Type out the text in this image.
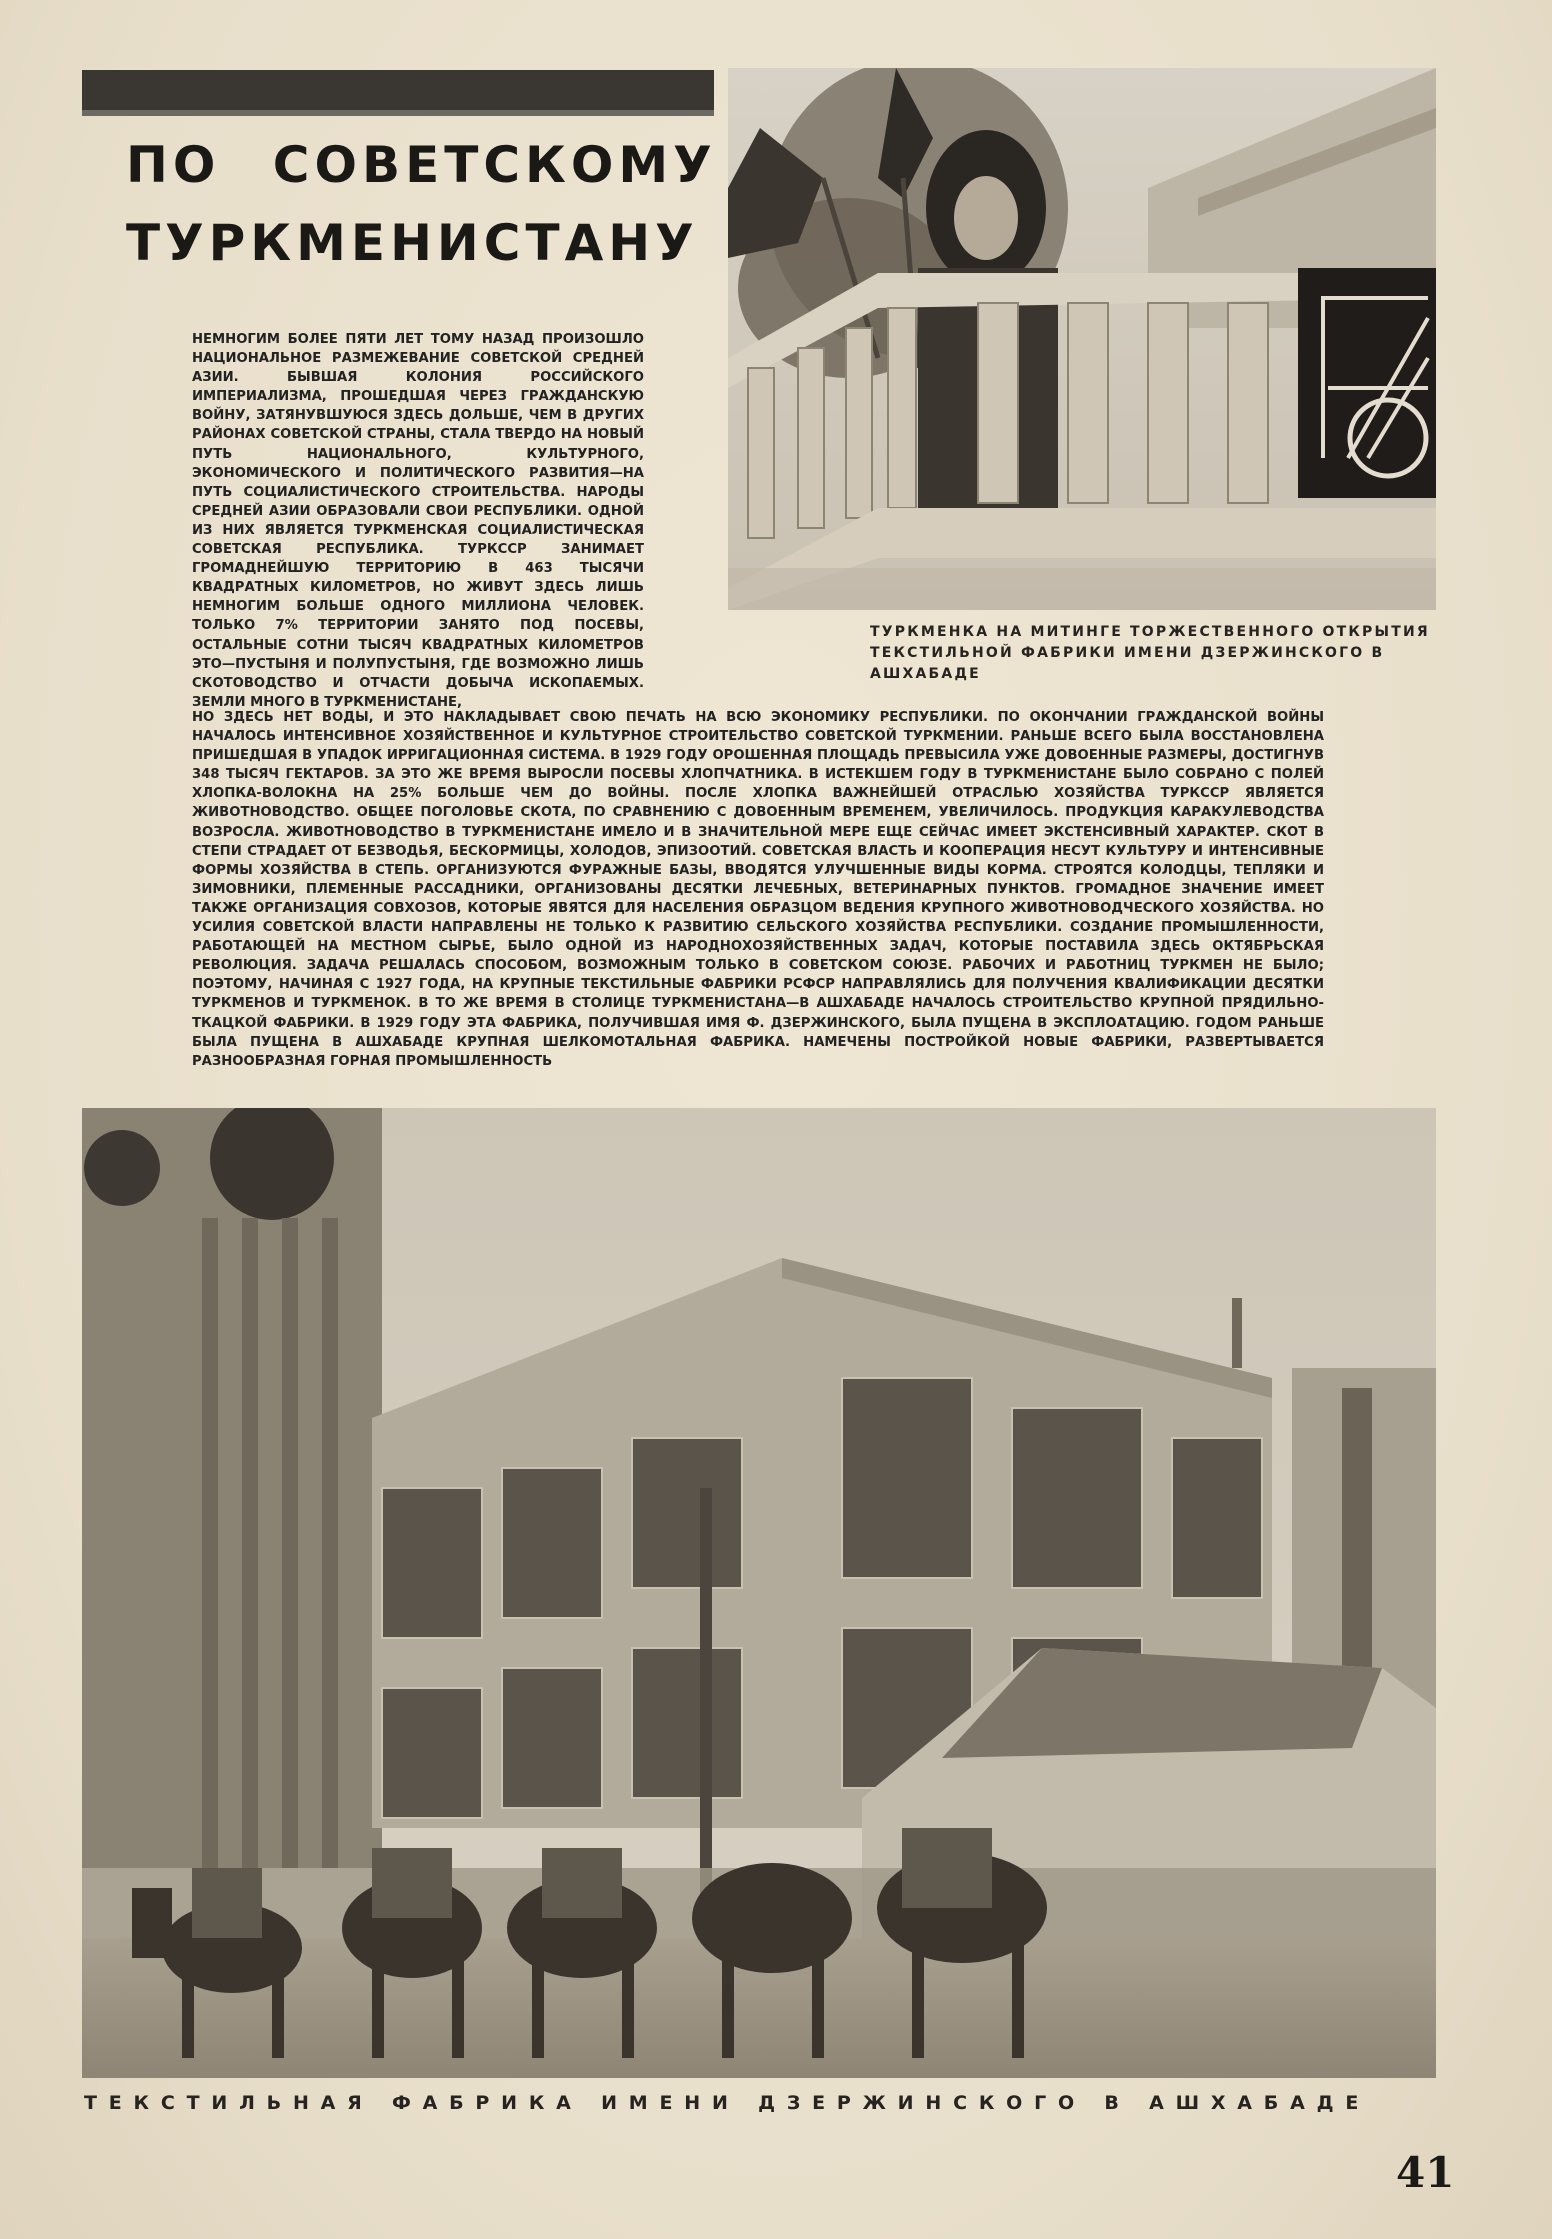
ПО СОВЕТСКОМУ
ТУРКМЕНИСТАНУ
НЕМНОГИМ БОЛЕЕ ПЯТИ ЛЕТ ТОМУ НАЗАД ПРОИЗОШЛО НАЦИОНАЛЬНОЕ РАЗМЕЖЕВАНИЕ СОВЕТСКОЙ СРЕДНЕЙ АЗИИ. БЫВШАЯ КОЛОНИЯ РОССИЙСКОГО ИМПЕРИАЛИЗМА, ПРОШЕДШАЯ ЧЕРЕЗ ГРАЖДАНСКУЮ ВОЙНУ, ЗАТЯНУВШУЮСЯ ЗДЕСЬ ДОЛЬШЕ, ЧЕМ В ДРУГИХ РАЙОНАХ СОВЕТСКОЙ СТРАНЫ, СТАЛА ТВЕРДО НА НОВЫЙ ПУТЬ НАЦИОНАЛЬНОГО, КУЛЬТУРНОГО, ЭКОНОМИЧЕСКОГО И ПОЛИТИЧЕСКОГО РАЗВИТИЯ—НА ПУТЬ СОЦИАЛИСТИЧЕСКОГО СТРОИТЕЛЬСТВА. НАРОДЫ СРЕДНЕЙ АЗИИ ОБРАЗОВАЛИ СВОИ РЕСПУБЛИКИ. ОДНОЙ ИЗ НИХ ЯВЛЯЕТСЯ ТУРКМЕНСКАЯ СОЦИАЛИСТИЧЕСКАЯ СОВЕТСКАЯ РЕСПУБЛИКА. ТУРКССР ЗАНИМАЕТ ГРОМАДНЕЙШУЮ ТЕРРИТОРИЮ В 463 ТЫСЯЧИ КВАДРАТНЫХ КИЛОМЕТРОВ, НО ЖИВУТ ЗДЕСЬ ЛИШЬ НЕМНОГИМ БОЛЬШЕ ОДНОГО МИЛЛИОНА ЧЕЛОВЕК. ТОЛЬКО 7% ТЕРРИТОРИИ ЗАНЯТО ПОД ПОСЕВЫ, ОСТАЛЬНЫЕ СОТНИ ТЫСЯЧ КВАДРАТНЫХ КИЛОМЕТРОВ ЭТО—ПУСТЫНЯ И ПОЛУПУСТЫНЯ, ГДЕ ВОЗМОЖНО ЛИШЬ СКОТОВОДСТВО И ОТЧАСТИ ДОБЫЧА ИСКОПАЕМЫХ. ЗЕМЛИ МНОГО В ТУРКМЕНИСТАНЕ,
НО ЗДЕСЬ НЕТ ВОДЫ, И ЭТО НАКЛАДЫВАЕТ СВОЮ ПЕЧАТЬ НА ВСЮ ЭКОНОМИКУ РЕСПУБЛИКИ. ПО ОКОНЧАНИИ ГРАЖДАНСКОЙ ВОЙНЫ НАЧАЛОСЬ ИНТЕНСИВНОЕ ХОЗЯЙСТВЕННОЕ И КУЛЬТУРНОЕ СТРОИТЕЛЬСТВО СОВЕТСКОЙ ТУРКМЕНИИ. РАНЬШЕ ВСЕГО БЫЛА ВОССТАНОВЛЕНА ПРИШЕДШАЯ В УПАДОК ИРРИГАЦИОННАЯ СИСТЕМА. В 1929 ГОДУ ОРОШЕННАЯ ПЛОЩАДЬ ПРЕВЫСИЛА УЖЕ ДОВОЕННЫЕ РАЗМЕРЫ, ДОСТИГНУВ 348 ТЫСЯЧ ГЕКТАРОВ. ЗА ЭТО ЖЕ ВРЕМЯ ВЫРОСЛИ ПОСЕВЫ ХЛОПЧАТНИКА. В ИСТЕКШЕМ ГОДУ В ТУРКМЕНИСТАНЕ БЫЛО СОБРАНО С ПОЛЕЙ ХЛОПКА-ВОЛОКНА НА 25% БОЛЬШЕ ЧЕМ ДО ВОЙНЫ. ПОСЛЕ ХЛОПКА ВАЖНЕЙШЕЙ ОТРАСЛЬЮ ХОЗЯЙСТВА ТУРКССР ЯВЛЯЕТСЯ ЖИВОТНОВОДСТВО. ОБЩЕЕ ПОГОЛОВЬЕ СКОТА, ПО СРАВНЕНИЮ С ДОВОЕННЫМ ВРЕМЕНЕМ, УВЕЛИЧИЛОСЬ. ПРОДУКЦИЯ КАРАКУЛЕВОДСТВА ВОЗРОСЛА. ЖИВОТНОВОДСТВО В ТУРКМЕНИСТАНЕ ИМЕЛО И В ЗНАЧИТЕЛЬНОЙ МЕРЕ ЕЩЕ СЕЙЧАС ИМЕЕТ ЭКСТЕНСИВНЫЙ ХАРАКТЕР. СКОТ В СТЕПИ СТРАДАЕТ ОТ БЕЗВОДЬЯ, БЕСКОРМИЦЫ, ХОЛОДОВ, ЭПИЗООТИЙ. СОВЕТСКАЯ ВЛАСТЬ И КООПЕРАЦИЯ НЕСУТ КУЛЬТУРУ И ИНТЕНСИВНЫЕ ФОРМЫ ХОЗЯЙСТВА В СТЕПЬ. ОРГАНИЗУЮТСЯ ФУРАЖНЫЕ БАЗЫ, ВВОДЯТСЯ УЛУЧШЕННЫЕ ВИДЫ КОРМА. СТРОЯТСЯ КОЛОДЦЫ, ТЕПЛЯКИ И ЗИМОВНИКИ, ПЛЕМЕННЫЕ РАССАДНИКИ, ОРГАНИЗОВАНЫ ДЕСЯТКИ ЛЕЧЕБНЫХ, ВЕТЕРИНАРНЫХ ПУНКТОВ. ГРОМАДНОЕ ЗНАЧЕНИЕ ИМЕЕТ ТАКЖЕ ОРГАНИЗАЦИЯ СОВХОЗОВ, КОТОРЫЕ ЯВЯТСЯ ДЛЯ НАСЕЛЕНИЯ ОБРАЗЦОМ ВЕДЕНИЯ КРУПНОГО ЖИВОТНОВОДЧЕСКОГО ХОЗЯЙСТВА. НО УСИЛИЯ СОВЕТСКОЙ ВЛАСТИ НАПРАВЛЕНЫ НЕ ТОЛЬКО К РАЗВИТИЮ СЕЛЬСКОГО ХОЗЯЙСТВА РЕСПУБЛИКИ. СОЗДАНИЕ ПРОМЫШЛЕННОСТИ, РАБОТАЮЩЕЙ НА МЕСТНОМ СЫРЬЕ, БЫЛО ОДНОЙ ИЗ НАРОДНОХОЗЯЙСТВЕННЫХ ЗАДАЧ, КОТОРЫЕ ПОСТАВИЛА ЗДЕСЬ ОКТЯБРЬСКАЯ РЕВОЛЮЦИЯ. ЗАДАЧА РЕШАЛАСЬ СПОСОБОМ, ВОЗМОЖНЫМ ТОЛЬКО В СОВЕТСКОМ СОЮЗЕ. РАБОЧИХ И РАБОТНИЦ ТУРКМЕН НЕ БЫЛО; ПОЭТОМУ, НАЧИНАЯ С 1927 ГОДА, НА КРУПНЫЕ ТЕКСТИЛЬНЫЕ ФАБРИКИ РСФСР НАПРАВЛЯЛИСЬ ДЛЯ ПОЛУЧЕНИЯ КВАЛИФИКАЦИИ ДЕСЯТКИ ТУРКМЕНОВ И ТУРКМЕНОК. В ТО ЖЕ ВРЕМЯ В СТОЛИЦЕ ТУРКМЕНИСТАНА—В АШХАБАДЕ НАЧАЛОСЬ СТРОИТЕЛЬСТВО КРУПНОЙ ПРЯДИЛЬНО-ТКАЦКОЙ ФАБРИКИ. В 1929 ГОДУ ЭТА ФАБРИКА, ПОЛУЧИВШАЯ ИМЯ Ф. ДЗЕРЖИНСКОГО, БЫЛА ПУЩЕНА В ЭКСПЛОАТАЦИЮ. ГОДОМ РАНЬШЕ БЫЛА ПУЩЕНА В АШХАБАДЕ КРУПНАЯ ШЕЛКОМОТАЛЬНАЯ ФАБРИКА. НАМЕЧЕНЫ ПОСТРОЙКОЙ НОВЫЕ ФАБРИКИ, РАЗВЕРТЫВАЕТСЯ РАЗНООБРАЗНАЯ ГОРНАЯ ПРОМЫШЛЕННОСТЬ
ТУРКМЕНКА НА МИТИНГЕ ТОРЖЕСТВЕННОГО ОТКРЫТИЯ ТЕКСТИЛЬНОЙ ФАБРИКИ ИМЕНИ ДЗЕРЖИНСКОГО В АШХАБАДЕ
ТЕКСТИЛЬНАЯ ФАБРИКА ИМЕНИ ДЗЕРЖИНСКОГО В АШХАБАДЕ
41
